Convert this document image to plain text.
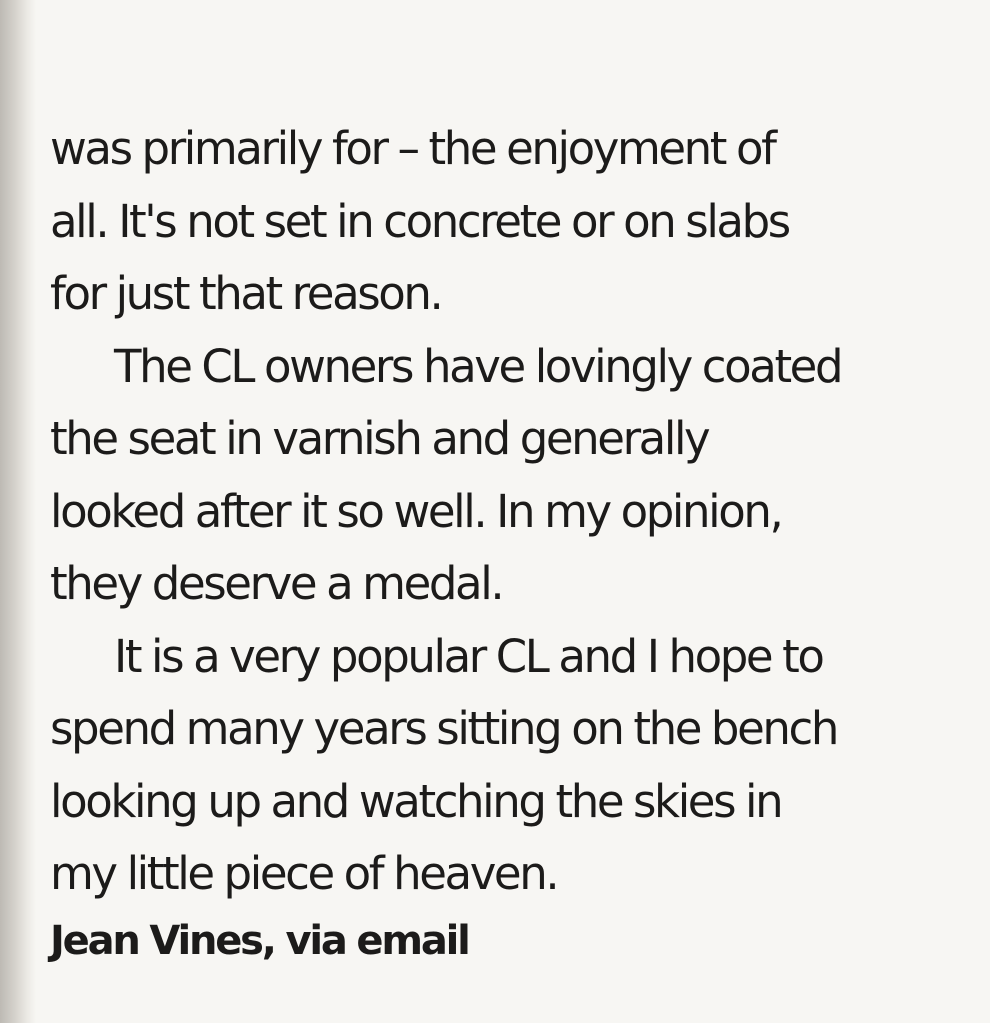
was primarily for – the enjoyment of
all. It's not set in concrete or on slabs
for just that reason.

The CL owners have lovingly coated
the seat in varnish and generally
looked after it so well. In my opinion,
they deserve a medal.

It is a very popular CL and I hope to
spend many years sitting on the bench
looking up and watching the skies in
my little piece of heaven.

Jean Vines, via email
